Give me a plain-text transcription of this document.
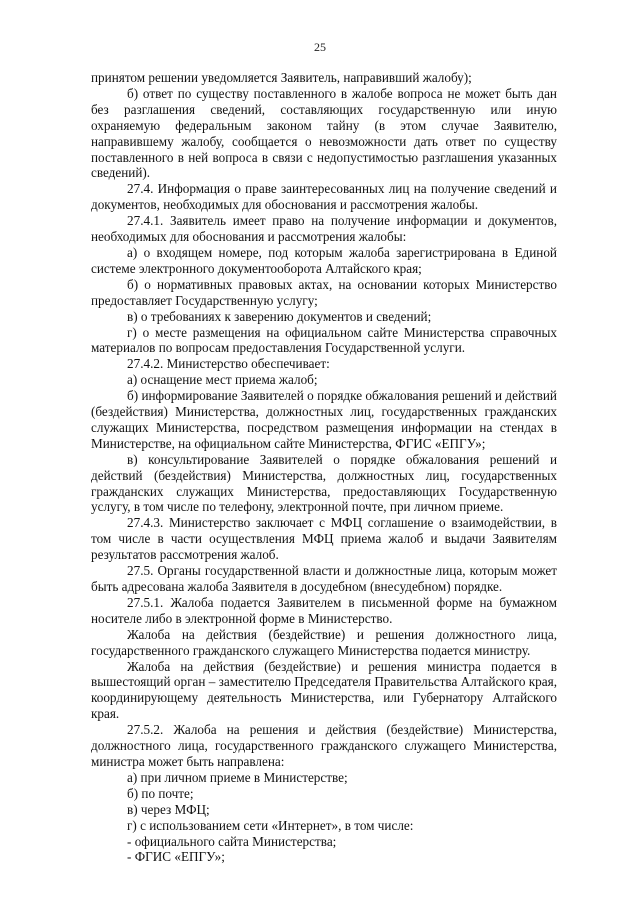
25

принятом решении уведомляется Заявитель, направивший жалобу);

б) ответ по существу поставленного в жалобе вопроса не может быть дан без разглашения сведений, составляющих государственную или иную охраняемую федеральным законом тайну (в этом случае Заявителю, направившему жалобу, сообщается о невозможности дать ответ по существу поставленного в ней вопроса в связи с недопустимостью разглашения указанных сведений).

27.4. Информация о праве заинтересованных лиц на получение сведений и документов, необходимых для обоснования и рассмотрения жалобы.

27.4.1. Заявитель имеет право на получение информации и документов, необходимых для обоснования и рассмотрения жалобы:

а) о входящем номере, под которым жалоба зарегистрирована в Единой системе электронного документооборота Алтайского края;

б) о нормативных правовых актах, на основании которых Министерство предоставляет Государственную услугу;

в) о требованиях к заверению документов и сведений;

г) о месте размещения на официальном сайте Министерства справочных материалов по вопросам предоставления Государственной услуги.

27.4.2. Министерство обеспечивает:

а) оснащение мест приема жалоб;

б) информирование Заявителей о порядке обжалования решений и действий (бездействия) Министерства, должностных лиц, государственных гражданских служащих Министерства, посредством размещения информации на стендах в Министерстве, на официальном сайте Министерства, ФГИС «ЕПГУ»;

в) консультирование Заявителей о порядке обжалования решений и действий (бездействия) Министерства, должностных лиц, государственных гражданских служащих Министерства, предоставляющих Государственную услугу, в том числе по телефону, электронной почте, при личном приеме.

27.4.3. Министерство заключает с МФЦ соглашение о взаимодействии, в том числе в части осуществления МФЦ приема жалоб и выдачи Заявителям результатов рассмотрения жалоб.

27.5. Органы государственной власти и должностные лица, которым может быть адресована жалоба Заявителя в досудебном (внесудебном) порядке.

27.5.1. Жалоба подается Заявителем в письменной форме на бумажном носителе либо в электронной форме в Министерство.

Жалоба на действия (бездействие) и решения должностного лица, государственного гражданского служащего Министерства подается министру.

Жалоба на действия (бездействие) и решения министра подается в вышестоящий орган – заместителю Председателя Правительства Алтайского края, координирующему деятельность Министерства, или Губернатору Алтайского края.

27.5.2. Жалоба на решения и действия (бездействие) Министерства, должностного лица, государственного гражданского служащего Министерства, министра может быть направлена:

а) при личном приеме в Министерстве;

б) по почте;

в) через МФЦ;

г) с использованием сети «Интернет», в том числе:

- официального сайта Министерства;

- ФГИС «ЕПГУ»;
